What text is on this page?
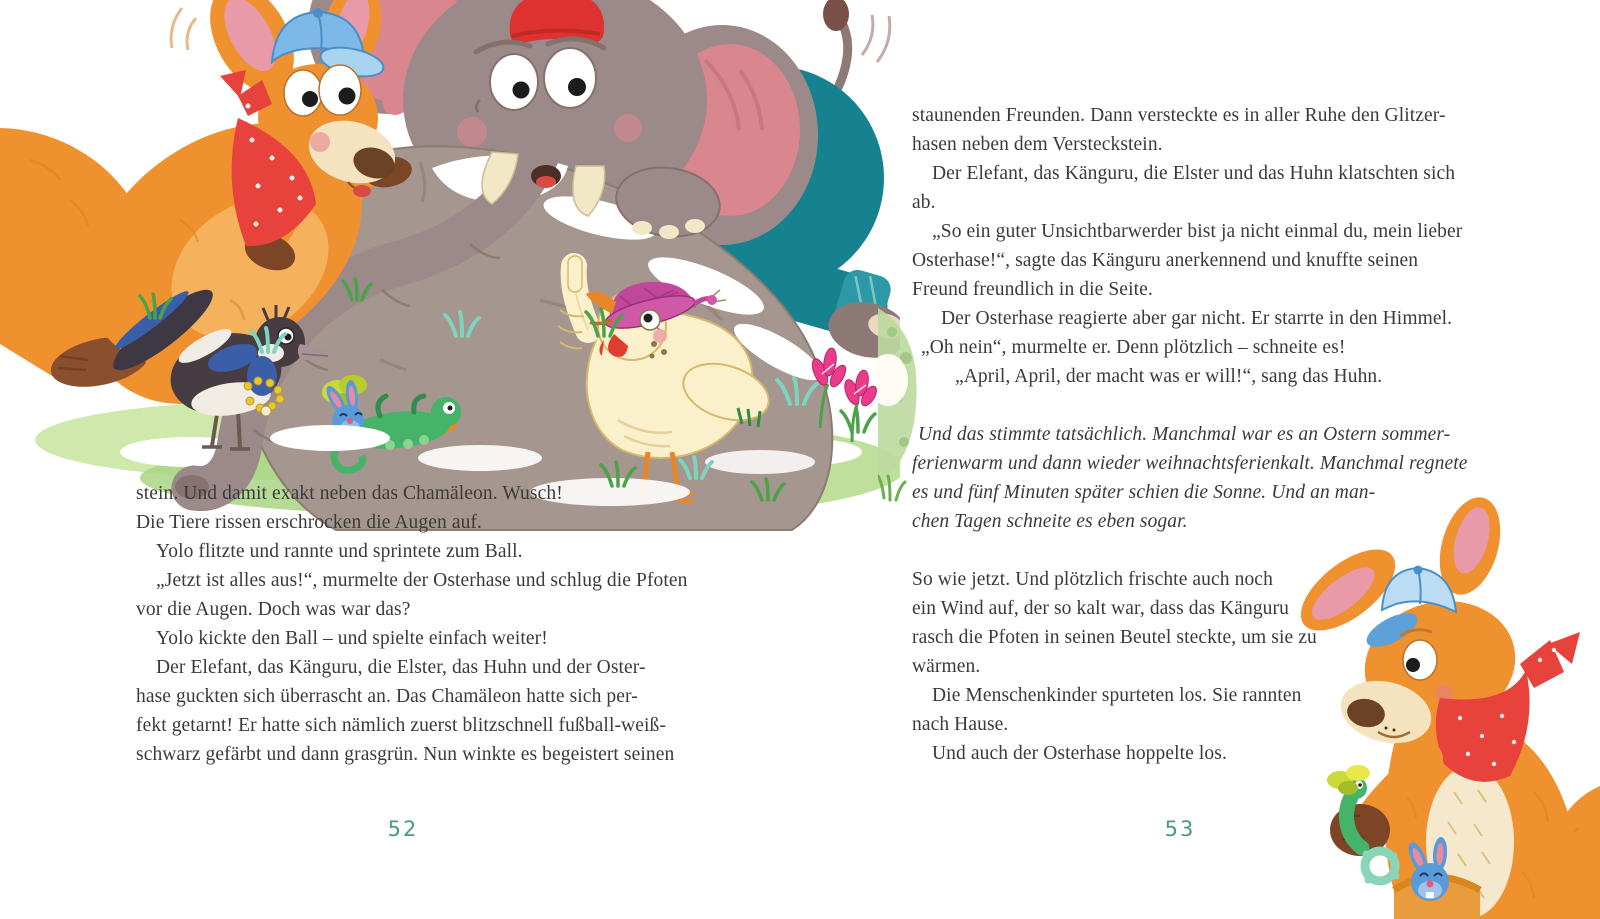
stein. Und damit exakt neben das Chamäleon. Wusch!
Die Tiere rissen erschrocken die Augen auf.
Yolo flitzte und rannte und sprintete zum Ball.
„Jetzt ist alles aus!“, murmelte der Osterhase und schlug die Pfoten
vor die Augen. Doch was war das?
Yolo kickte den Ball – und spielte einfach weiter!
Der Elefant, das Känguru, die Elster, das Huhn und der Oster-
hase guckten sich überrascht an. Das Chamäleon hatte sich per-
fekt getarnt! Er hatte sich nämlich zuerst blitzschnell fußball-weiß-
schwarz gefärbt und dann grasgrün. Nun winkte es begeistert seinen
staunenden Freunden. Dann versteckte es in aller Ruhe den Glitzer-
hasen neben dem Versteckstein.
Der Elefant, das Känguru, die Elster und das Huhn klatschten sich
ab.
„So ein guter Unsichtbarwerder bist ja nicht einmal du, mein lieber
Osterhase!“, sagte das Känguru anerkennend und knuffte seinen
Freund freundlich in die Seite.
Der Osterhase reagierte aber gar nicht. Er starrte in den Himmel.
„Oh nein“, murmelte er. Denn plötzlich – schneite es!
„April, April, der macht was er will!“, sang das Huhn.

Und das stimmte tatsächlich. Manchmal war es an Ostern sommer-
ferienwarm und dann wieder weihnachtsferienkalt. Manchmal regnete
es und fünf Minuten später schien die Sonne. Und an man-
chen Tagen schneite es eben sogar.

So wie jetzt. Und plötzlich frischte auch noch
ein Wind auf, der so kalt war, dass das Känguru
rasch die Pfoten in seinen Beutel steckte, um sie zu
wärmen.
Die Menschenkinder spurteten los. Sie rannten
nach Hause.
Und auch der Osterhase hoppelte los.
52	53
